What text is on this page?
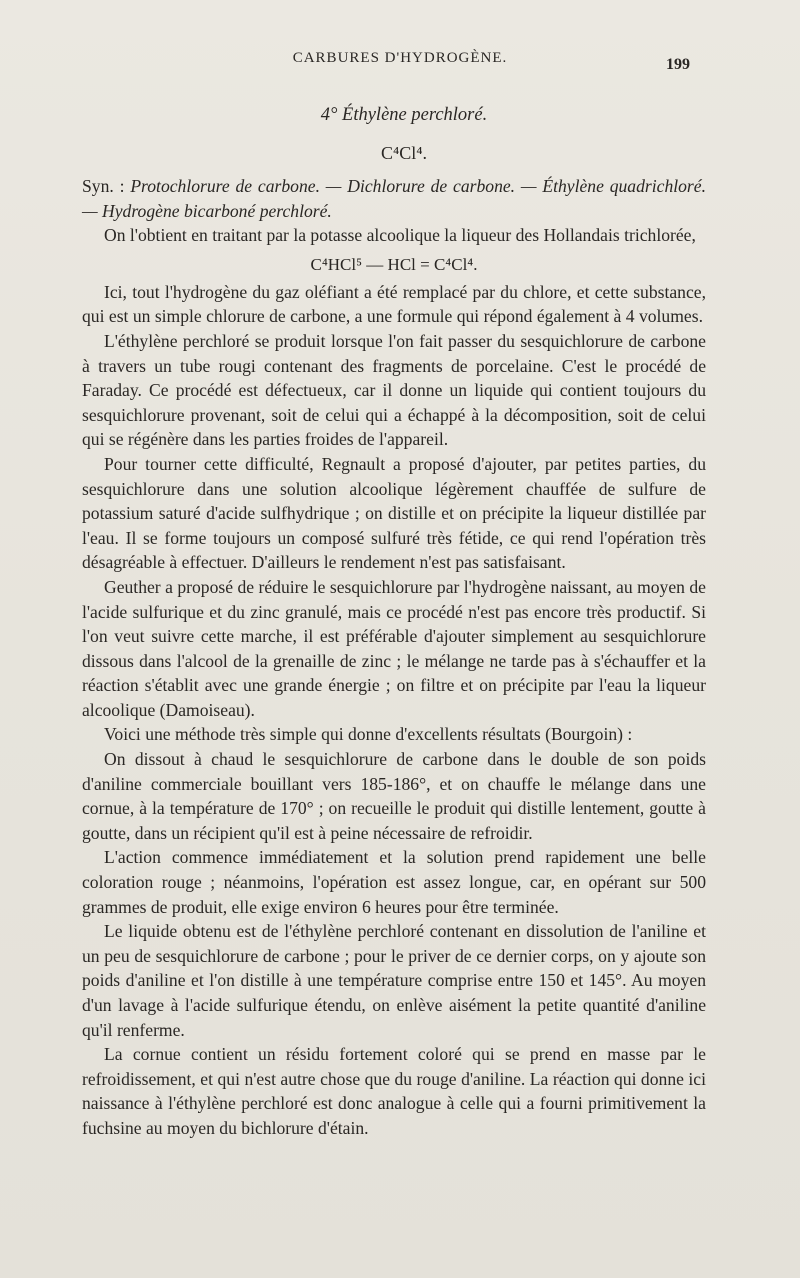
CARBURES D'HYDROGÈNE.	199
4° Éthylène perchloré.
C⁴Cl⁴.

Syn. : Protochlorure de carbone. — Dichlorure de carbone. — Éthylène quadrichloré. — Hydrogène bicarboné perchloré.

On l'obtient en traitant par la potasse alcoolique la liqueur des Hollandais trichlorée,

C⁴HCl⁵ — HCl = C⁴Cl⁴.

Ici, tout l'hydrogène du gaz oléfiant a été remplacé par du chlore, et cette substance, qui est un simple chlorure de carbone, a une formule qui répond également à 4 volumes.

L'éthylène perchloré se produit lorsque l'on fait passer du sesquichlorure de carbone à travers un tube rougi contenant des fragments de porcelaine. C'est le procédé de Faraday. Ce procédé est défectueux, car il donne un liquide qui contient toujours du sesquichlorure provenant, soit de celui qui a échappé à la décomposition, soit de celui qui se régénère dans les parties froides de l'appareil.

Pour tourner cette difficulté, Regnault a proposé d'ajouter, par petites parties, du sesquichlorure dans une solution alcoolique légèrement chauffée de sulfure de potassium saturé d'acide sulfhydrique ; on distille et on précipite la liqueur distillée par l'eau. Il se forme toujours un composé sulfuré très fétide, ce qui rend l'opération très désagréable à effectuer. D'ailleurs le rendement n'est pas satisfaisant.

Geuther a proposé de réduire le sesquichlorure par l'hydrogène naissant, au moyen de l'acide sulfurique et du zinc granulé, mais ce procédé n'est pas encore très productif. Si l'on veut suivre cette marche, il est préférable d'ajouter simplement au sesquichlorure dissous dans l'alcool de la grenaille de zinc ; le mélange ne tarde pas à s'échauffer et la réaction s'établit avec une grande énergie ; on filtre et on précipite par l'eau la liqueur alcoolique (Damoiseau).

Voici une méthode très simple qui donne d'excellents résultats (Bourgoin) :

On dissout à chaud le sesquichlorure de carbone dans le double de son poids d'aniline commerciale bouillant vers 185-186°, et on chauffe le mélange dans une cornue, à la température de 170° ; on recueille le produit qui distille lentement, goutte à goutte, dans un récipient qu'il est à peine nécessaire de refroidir.

L'action commence immédiatement et la solution prend rapidement une belle coloration rouge ; néanmoins, l'opération est assez longue, car, en opérant sur 500 grammes de produit, elle exige environ 6 heures pour être terminée.

Le liquide obtenu est de l'éthylène perchloré contenant en dissolution de l'aniline et un peu de sesquichlorure de carbone ; pour le priver de ce dernier corps, on y ajoute son poids d'aniline et l'on distille à une température comprise entre 150 et 145°. Au moyen d'un lavage à l'acide sulfurique étendu, on enlève aisément la petite quantité d'aniline qu'il renferme.

La cornue contient un résidu fortement coloré qui se prend en masse par le refroidissement, et qui n'est autre chose que du rouge d'aniline. La réaction qui donne ici naissance à l'éthylène perchloré est donc analogue à celle qui a fourni primitivement la fuchsine au moyen du bichlorure d'étain.
